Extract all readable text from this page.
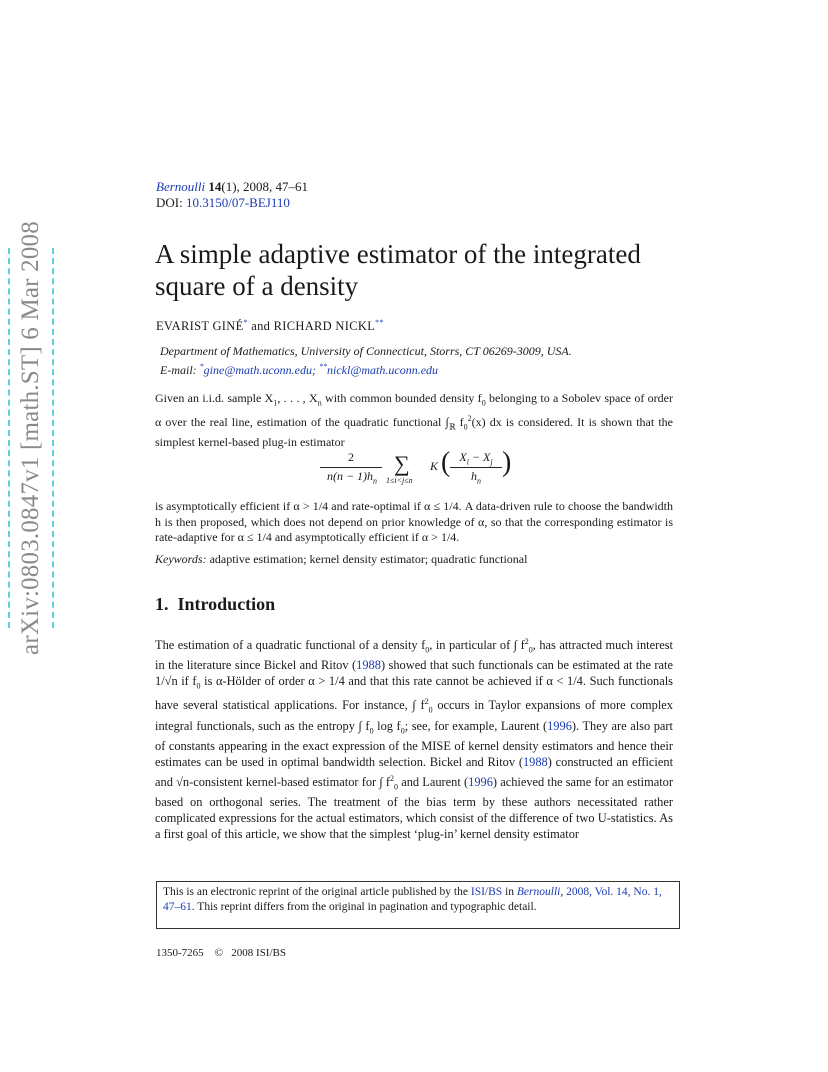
arXiv:0803.0847v1 [math.ST] 6 Mar 2008
Bernoulli 14(1), 2008, 47–61
DOI: 10.3150/07-BEJ110
A simple adaptive estimator of the integrated
square of a density
EVARIST GINÉ* and RICHARD NICKL**
Department of Mathematics, University of Connecticut, Storrs, CT 06269-3009, USA.
E-mail: *gine@math.uconn.edu; **nickl@math.uconn.edu

Given an i.i.d. sample $X_1$, . . . , $X_n$ with common bounded density $f_0$ belonging to a Sobolev space of order α over the real line, estimation of the quadratic functional $\int_ℝ$ $f_0^2(x)$ dx is considered. It is shown that the simplest kernel-based plug-in estimator

2
$n(n - 1)h_n$
∑
1≤i<j≤n
K ( $X_i - X_j$
$h_n$
)

is asymptotically efficient if α > 1/4 and rate-optimal if α ≤ 1/4. A data-driven rule to choose the bandwidth h is then proposed, which does not depend on prior knowledge of α, so that the corresponding estimator is rate-adaptive for α ≤ 1/4 and asymptotically efficient if α > 1/4.

Keywords: adaptive estimation; kernel density estimator; quadratic functional

1. Introduction

The estimation of a quadratic functional of a density $f_0$, in particular of ∫ $f^2_0$, has attracted much interest in the literature since Bickel and Ritov (1988) showed that such functionals can be estimated at the rate 1/√n if $f_0$ is α-Hölder of order α > 1/4 and that this rate cannot be achieved if α < 1/4. Such functionals have several statistical applications. For instance, ∫ $f^2_0$ occurs in Taylor expansions of more complex integral functionals, such as the entropy ∫ $f_0$ $\log f_0$; see, for example, Laurent (1996). They are also part of constants appearing in the exact expression of the MISE of kernel density estimators and hence their estimates can be used in optimal bandwidth selection. Bickel and Ritov (1988) constructed an efficient and √n-consistent kernel-based estimator for ∫ $f^2_0$ and Laurent (1996) achieved the same for an estimator based on orthogonal series. The treatment of the bias term by these authors necessitated rather complicated expressions for the actual estimators, which consist of the difference of two U-statistics. As a first goal of this article, we show that the simplest ‘plug-in’ kernel density estimator

This is an electronic reprint of the original article published by the ISI/BS in Bernoulli, 2008, Vol. 14, No. 1, 47–61. This reprint differs from the original in pagination and typographic detail.
1350-7265 © 2008 ISI/BS
